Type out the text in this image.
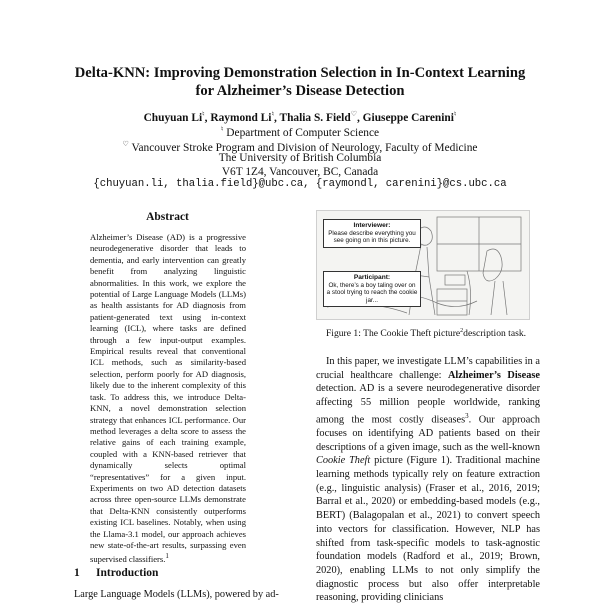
Delta-KNN: Improving Demonstration Selection in In-Context Learning
for Alzheimer’s Disease Detection
Chuyuan Li♮, Raymond Li♮, Thalia S. Field♡, Giuseppe Carenini♮
♮ Department of Computer Science
♡ Vancouver Stroke Program and Division of Neurology, Faculty of Medicine
The University of British Columbia
V6T 1Z4, Vancouver, BC, Canada
{chuyuan.li, thalia.field}@ubc.ca, {raymondl, carenini}@cs.ubc.ca
Abstract

Alzheimer’s Disease (AD) is a progressive neurodegenerative disorder that leads to dementia, and early intervention can greatly benefit from analyzing linguistic abnormalities. In this work, we explore the potential of Large Language Models (LLMs) as health assistants for AD diagnosis from patient-generated text using in-context learning (ICL), where tasks are defined through a few input-output examples. Empirical results reveal that conventional ICL methods, such as similarity-based selection, perform poorly for AD diagnosis, likely due to the inherent complexity of this task. To address this, we introduce Delta-KNN, a novel demonstration selection strategy that enhances ICL performance. Our method leverages a delta score to assess the relative gains of each training example, coupled with a KNN-based retriever that dynamically selects optimal “representatives” for a given input. Experiments on two AD detection datasets across three open-source LLMs demonstrate that Delta-KNN consistently outperforms existing ICL baselines. Notably, when using the Llama-3.1 model, our approach achieves new state-of-the-art results, surpassing even supervised classifiers.$^1$

1 Introduction
Large Language Models (LLMs), powered by ad-
Interviewer:
Please describe everything you see going on in this picture.
Participant:
Ok, there’s a boy taling over on a stool trying to reach the cookie jar...
Figure 1: The Cookie Theft picture$^2$description task.

In this paper, we investigate LLM’s capabilities in a crucial healthcare challenge: Alzheimer’s Disease detection. AD is a severe neurodegenerative disorder affecting 55 million people worldwide, ranking among the most costly diseases$^3$. Our approach focuses on identifying AD patients based on their descriptions of a given image, such as the well-known Cookie Theft picture (Figure 1). Traditional machine learning methods typically rely on feature extraction (e.g., linguistic analysis) (Fraser et al., 2016, 2019; Barral et al., 2020) or embedding-based models (e.g., BERT) (Balagopalan et al., 2021) to convert speech into vectors for classification. However, NLP has shifted from task-specific models to task-agnostic foundation models (Radford et al., 2019; Brown, 2020), enabling LLMs to not only simplify the diagnostic process but also offer interpretable reasoning, providing clinicians
